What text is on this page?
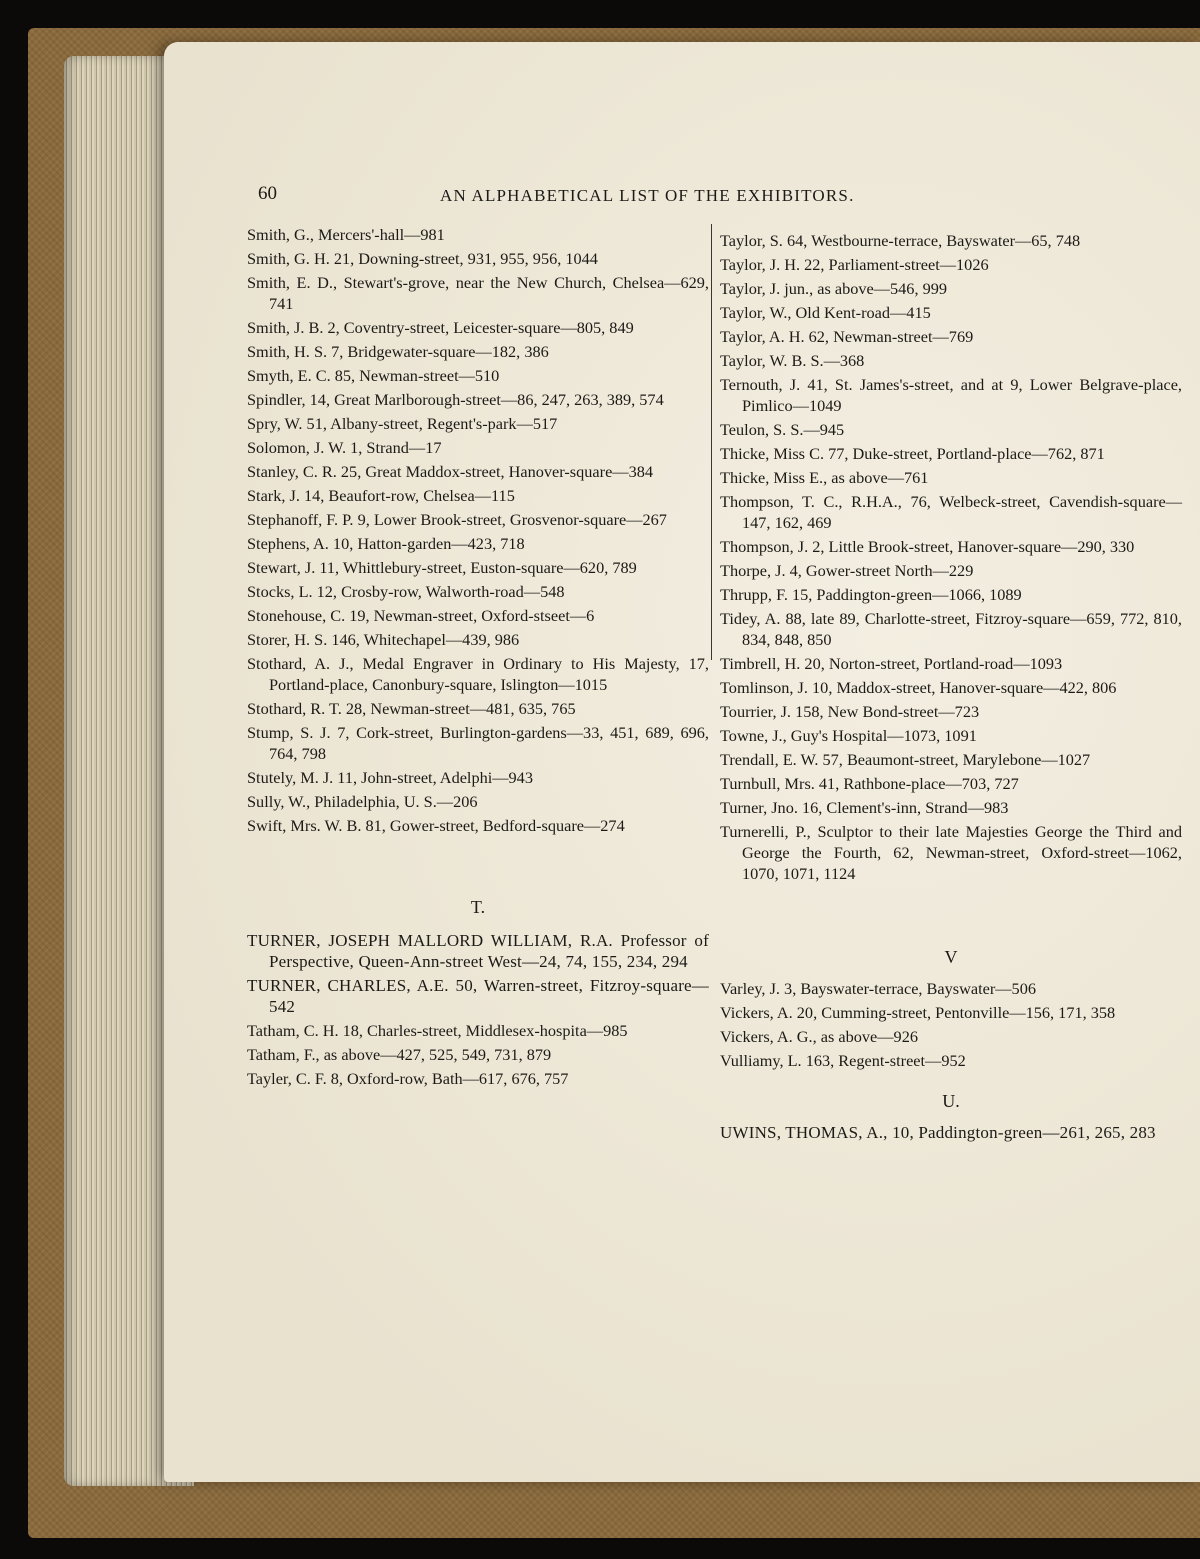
60	AN ALPHABETICAL LIST OF THE EXHIBITORS.
Smith, G., Mercers'-hall—981
Smith, G. H. 21, Downing-street, 931, 955, 956, 1044
Smith, E. D., Stewart's-grove, near the New Church, Chelsea—629, 741
Smith, J. B. 2, Coventry-street, Leicester-square—805, 849
Smith, H. S. 7, Bridgewater-square—182, 386
Smyth, E. C. 85, Newman-street—510
Spindler, 14, Great Marlborough-street—86, 247, 263, 389, 574
Spry, W. 51, Albany-street, Regent's-park—517
Solomon, J. W. 1, Strand—17
Stanley, C. R. 25, Great Maddox-street, Hanover-square—384
Stark, J. 14, Beaufort-row, Chelsea—115
Stephanoff, F. P. 9, Lower Brook-street, Grosvenor-square—267
Stephens, A. 10, Hatton-garden—423, 718
Stewart, J. 11, Whittlebury-street, Euston-square—620, 789
Stocks, L. 12, Crosby-row, Walworth-road—548
Stonehouse, C. 19, Newman-street, Oxford-stseet—6
Storer, H. S. 146, Whitechapel—439, 986
Stothard, A. J., Medal Engraver in Ordinary to His Majesty, 17, Portland-place, Canonbury-square, Islington—1015
Stothard, R. T. 28, Newman-street—481, 635, 765
Stump, S. J. 7, Cork-street, Burlington-gardens—33, 451, 689, 696, 764, 798
Stutely, M. J. 11, John-street, Adelphi—943
Sully, W., Philadelphia, U. S.—206
Swift, Mrs. W. B. 81, Gower-street, Bedford-square—274
T.
TURNER, JOSEPH MALLORD WILLIAM, R.A. Professor of Perspective, Queen-Ann-street West—24, 74, 155, 234, 294
TURNER, CHARLES, A.E. 50, Warren-street, Fitzroy-square—542
Tatham, C. H. 18, Charles-street, Middlesex-hospita—985
Tatham, F., as above—427, 525, 549, 731, 879
Tayler, C. F. 8, Oxford-row, Bath—617, 676, 757
Taylor, S. 64, Westbourne-terrace, Bayswater—65, 748
Taylor, J. H. 22, Parliament-street—1026
Taylor, J. jun., as above—546, 999
Taylor, W., Old Kent-road—415
Taylor, A. H. 62, Newman-street—769
Taylor, W. B. S.—368
Ternouth, J. 41, St. James's-street, and at 9, Lower Belgrave-place, Pimlico—1049
Teulon, S. S.—945
Thicke, Miss C. 77, Duke-street, Portland-place—762, 871
Thicke, Miss E., as above—761
Thompson, T. C., R.H.A., 76, Welbeck-street, Cavendish-square—147, 162, 469
Thompson, J. 2, Little Brook-street, Hanover-square—290, 330
Thorpe, J. 4, Gower-street North—229
Thrupp, F. 15, Paddington-green—1066, 1089
Tidey, A. 88, late 89, Charlotte-street, Fitzroy-square—659, 772, 810, 834, 848, 850
Timbrell, H. 20, Norton-street, Portland-road—1093
Tomlinson, J. 10, Maddox-street, Hanover-square—422, 806
Tourrier, J. 158, New Bond-street—723
Towne, J., Guy's Hospital—1073, 1091
Trendall, E. W. 57, Beaumont-street, Marylebone—1027
Turnbull, Mrs. 41, Rathbone-place—703, 727
Turner, Jno. 16, Clement's-inn, Strand—983
Turnerelli, P., Sculptor to their late Majesties George the Third and George the Fourth, 62, Newman-street, Oxford-street—1062, 1070, 1071, 1124
V
Varley, J. 3, Bayswater-terrace, Bayswater—506
Vickers, A. 20, Cumming-street, Pentonville—156, 171, 358
Vickers, A. G., as above—926
Vulliamy, L. 163, Regent-street—952
U.
UWINS, THOMAS, A., 10, Paddington-green—261, 265, 283
